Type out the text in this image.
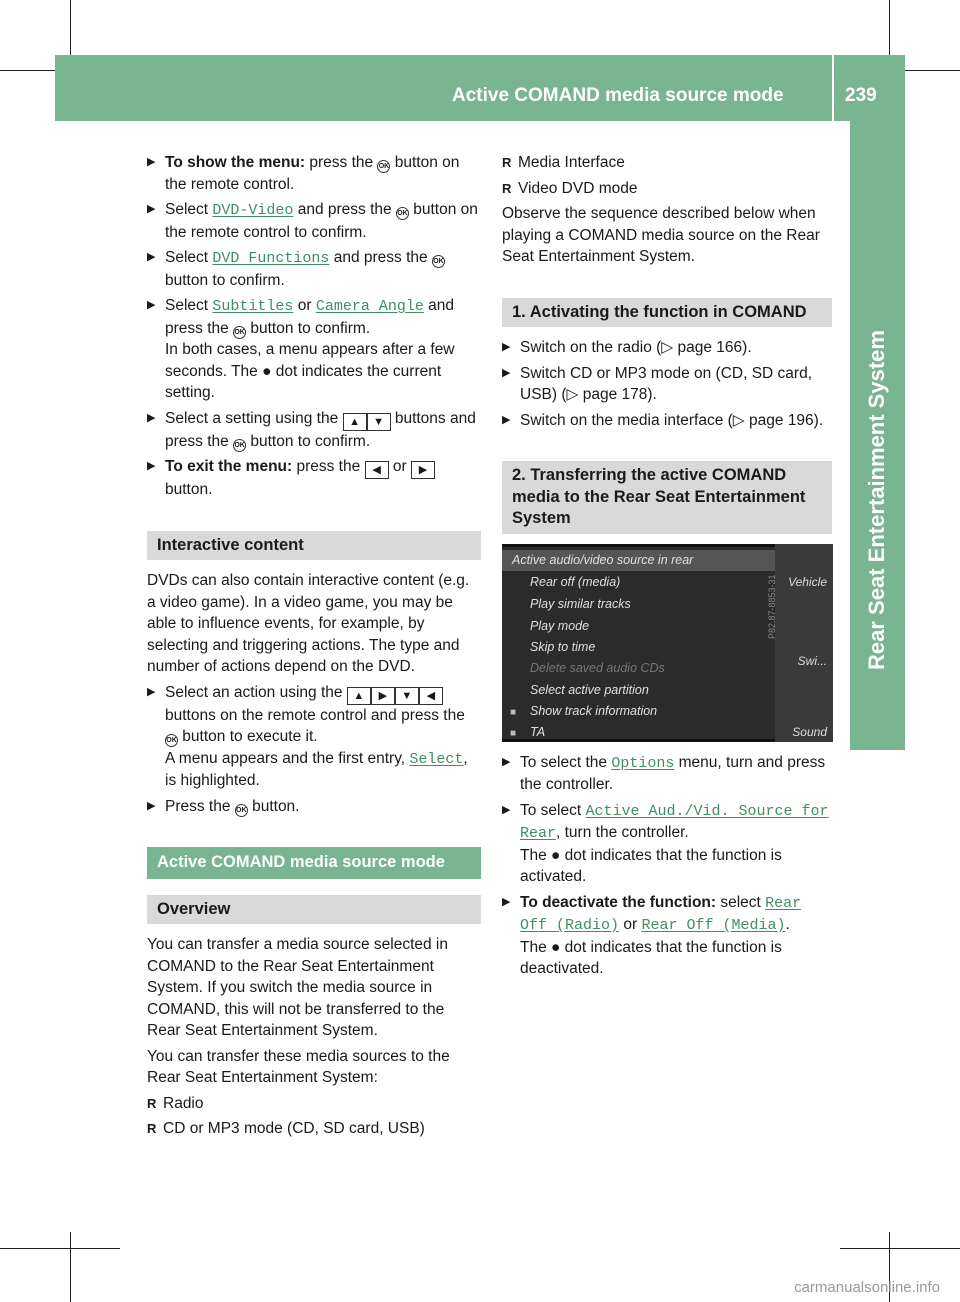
Active COMAND media source mode	239
Rear Seat Entertainment System
▶ To show the menu: press the OK button on the remote control.
▶ Select DVD-Video and press the OK button on the remote control to confirm.
▶ Select DVD Functions and press the OK button to confirm.
▶ Select Subtitles or Camera Angle and press the OK button to confirm.
In both cases, a menu appears after a few seconds. The ● dot indicates the current setting.
▶ Select a setting using the ▲ ▼ buttons and press the OK button to confirm.
▶ To exit the menu: press the ◀ or ▶ button.
Interactive content
DVDs can also contain interactive content (e.g. a video game). In a video game, you may be able to influence events, for example, by selecting and triggering actions. The type and number of actions depend on the DVD.
▶ Select an action using the ▲ ▶ ▼ ◀ buttons on the remote control and press the OK button to execute it.
A menu appears and the first entry, Select, is highlighted.
▶ Press the OK button.
Active COMAND media source mode
Overview
You can transfer a media source selected in COMAND to the Rear Seat Entertainment System. If you switch the media source in COMAND, this will not be transferred to the Rear Seat Entertainment System.
You can transfer these media sources to the Rear Seat Entertainment System:
R Radio
R CD or MP3 mode (CD, SD card, USB)
R Media Interface
R Video DVD mode
Observe the sequence described below when playing a COMAND media source on the Rear Seat Entertainment System.
1. Activating the function in COMAND
▶ Switch on the radio (▷ page 166).
▶ Switch CD or MP3 mode on (CD, SD card, USB) (▷ page 178).
▶ Switch on the media interface (▷ page 196).
2. Transferring the active COMAND media to the Rear Seat Entertainment System
Active audio/video source in rear
Rear off (media)
Play similar tracks
Play mode
Skip to time
Delete saved audio CDs
Select active partition
■ Show track information
■ TA
Vehicle
Swi...
Sound
P82.87-8853-31
▶ To select the Options menu, turn and press the controller.
▶ To select Active Aud./Vid. Source for Rear, turn the controller.
The ● dot indicates that the function is activated.
▶ To deactivate the function: select Rear Off (Radio) or Rear Off (Media).
The ● dot indicates that the function is deactivated.
carmanualsonline.info
